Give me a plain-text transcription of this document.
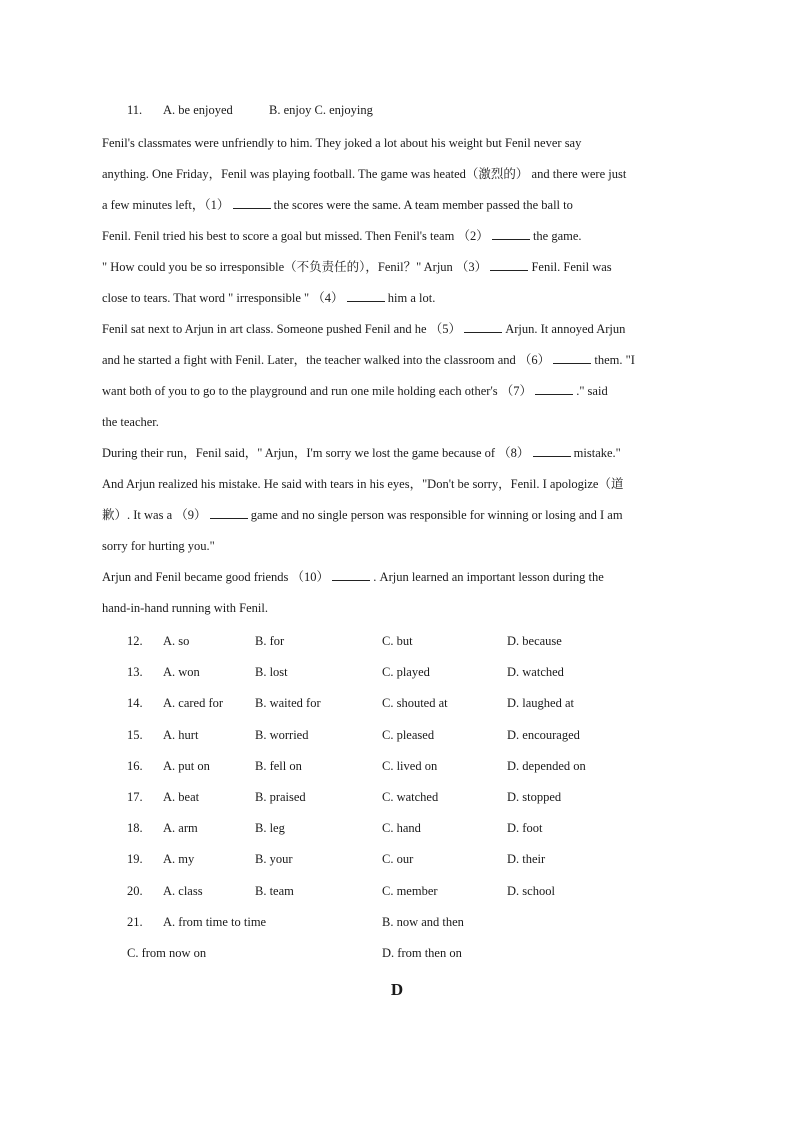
11. A. be enjoyed	B. enjoy C. enjoying

Fenil's classmates were unfriendly to him. They joked a lot about his weight but Fenil never say

anything. One Friday，Fenil was playing football. The game was heated（激烈的） and there were just

a few minutes left，（1）	the scores were the same. A team member passed the ball to

Fenil. Fenil tried his best to score a goal but missed. Then Fenil's team （2）	the game.

" How could you be so irresponsible（不负责任的），Fenil？" Arjun （3）	Fenil. Fenil was

close to tears. That word " irresponsible " （4）	him a lot.

Fenil sat next to Arjun in art class. Someone pushed Fenil and he （5）	Arjun. It annoyed Arjun

and he started a fight with Fenil. Later，the teacher walked into the classroom and （6）	them. "I

want both of you to go to the playground and run one mile holding each other's （7）	." said

the teacher.

During their run，Fenil said，" Arjun，I'm sorry we lost the game because of （8）	mistake."

And Arjun realized his mistake. He said with tears in his eyes，"Don't be sorry，Fenil. I apologize（道

歉）. It was a （9）	game and no single person was responsible for winning or losing and I am

sorry for hurting you."

Arjun and Fenil became good friends （10）	. Arjun learned an important lesson during the

hand-in-hand running with Fenil.

12. A. so	B. for	C. but	D. because
13. A. won	B. lost	C. played	D. watched
14. A. cared for	B. waited for	C. shouted at	D. laughed at
15. A. hurt	B. worried	C. pleased	D. encouraged
16. A. put on	B. fell on	C. lived on	D. depended on
17. A. beat	B. praised	C. watched	D. stopped
18. A. arm	B. leg	C. hand	D. foot
19. A. my	B. your	C. our	D. their
20. A. class	B. team	C. member	D. school
21. A. from time to time	B. now and then
C. from now on	D. from then on
D
